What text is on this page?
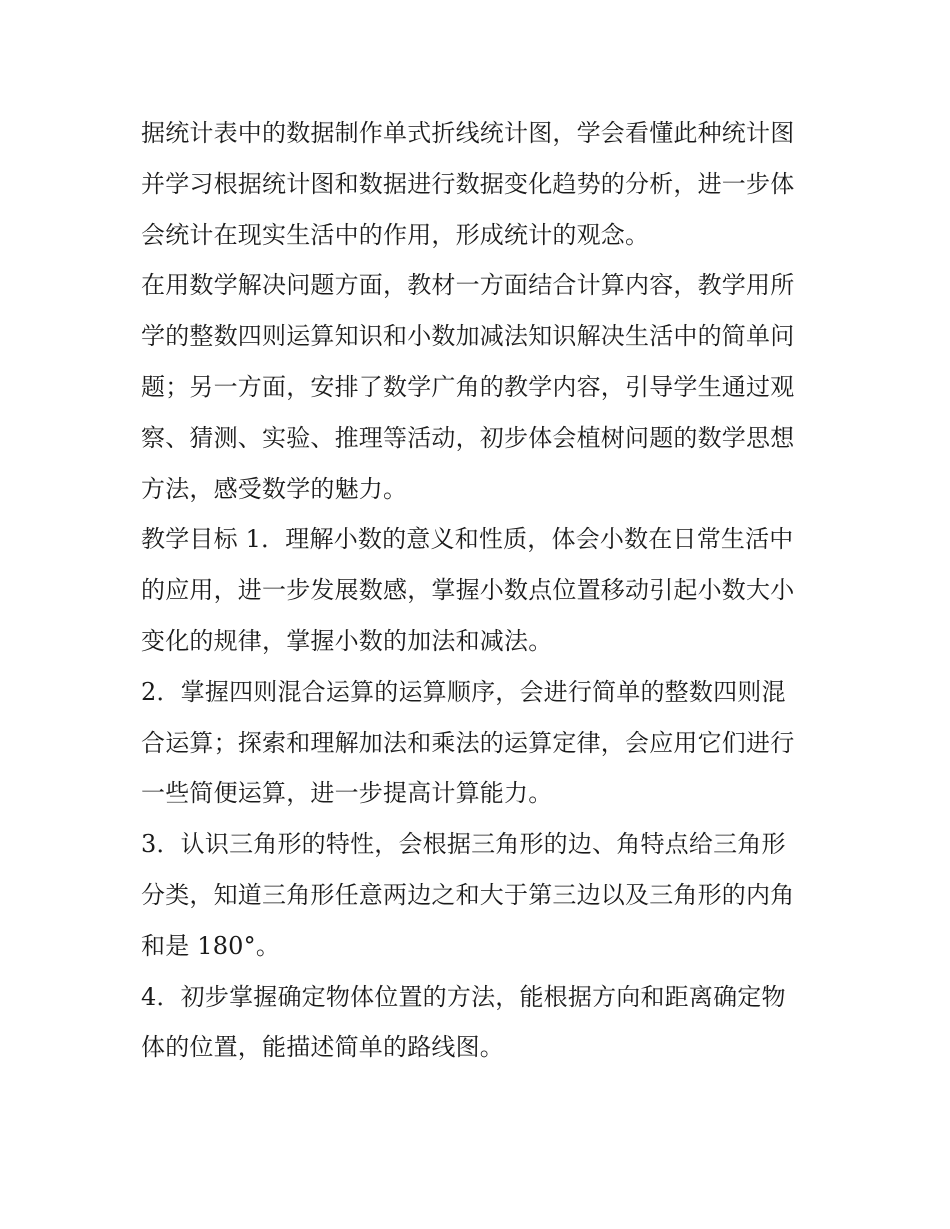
据统计表中的数据制作单式折线统计图，学会看懂此种统计图
并学习根据统计图和数据进行数据变化趋势的分析，进一步体
会统计在现实生活中的作用，形成统计的观念。
在用数学解决问题方面，教材一方面结合计算内容，教学用所
学的整数四则运算知识和小数加减法知识解决生活中的简单问
题；另一方面，安排了数学广角的教学内容，引导学生通过观
察、猜测、实验、推理等活动，初步体会植树问题的数学思想
方法，感受数学的魅力。
教学目标 1．理解小数的意义和性质，体会小数在日常生活中
的应用，进一步发展数感，掌握小数点位置移动引起小数大小
变化的规律，掌握小数的加法和减法。
2．掌握四则混合运算的运算顺序，会进行简单的整数四则混
合运算；探索和理解加法和乘法的运算定律，会应用它们进行
一些简便运算，进一步提高计算能力。
3．认识三角形的特性，会根据三角形的边、角特点给三角形
分类，知道三角形任意两边之和大于第三边以及三角形的内角
和是 180°。
4．初步掌握确定物体位置的方法，能根据方向和距离确定物
体的位置，能描述简单的路线图。
